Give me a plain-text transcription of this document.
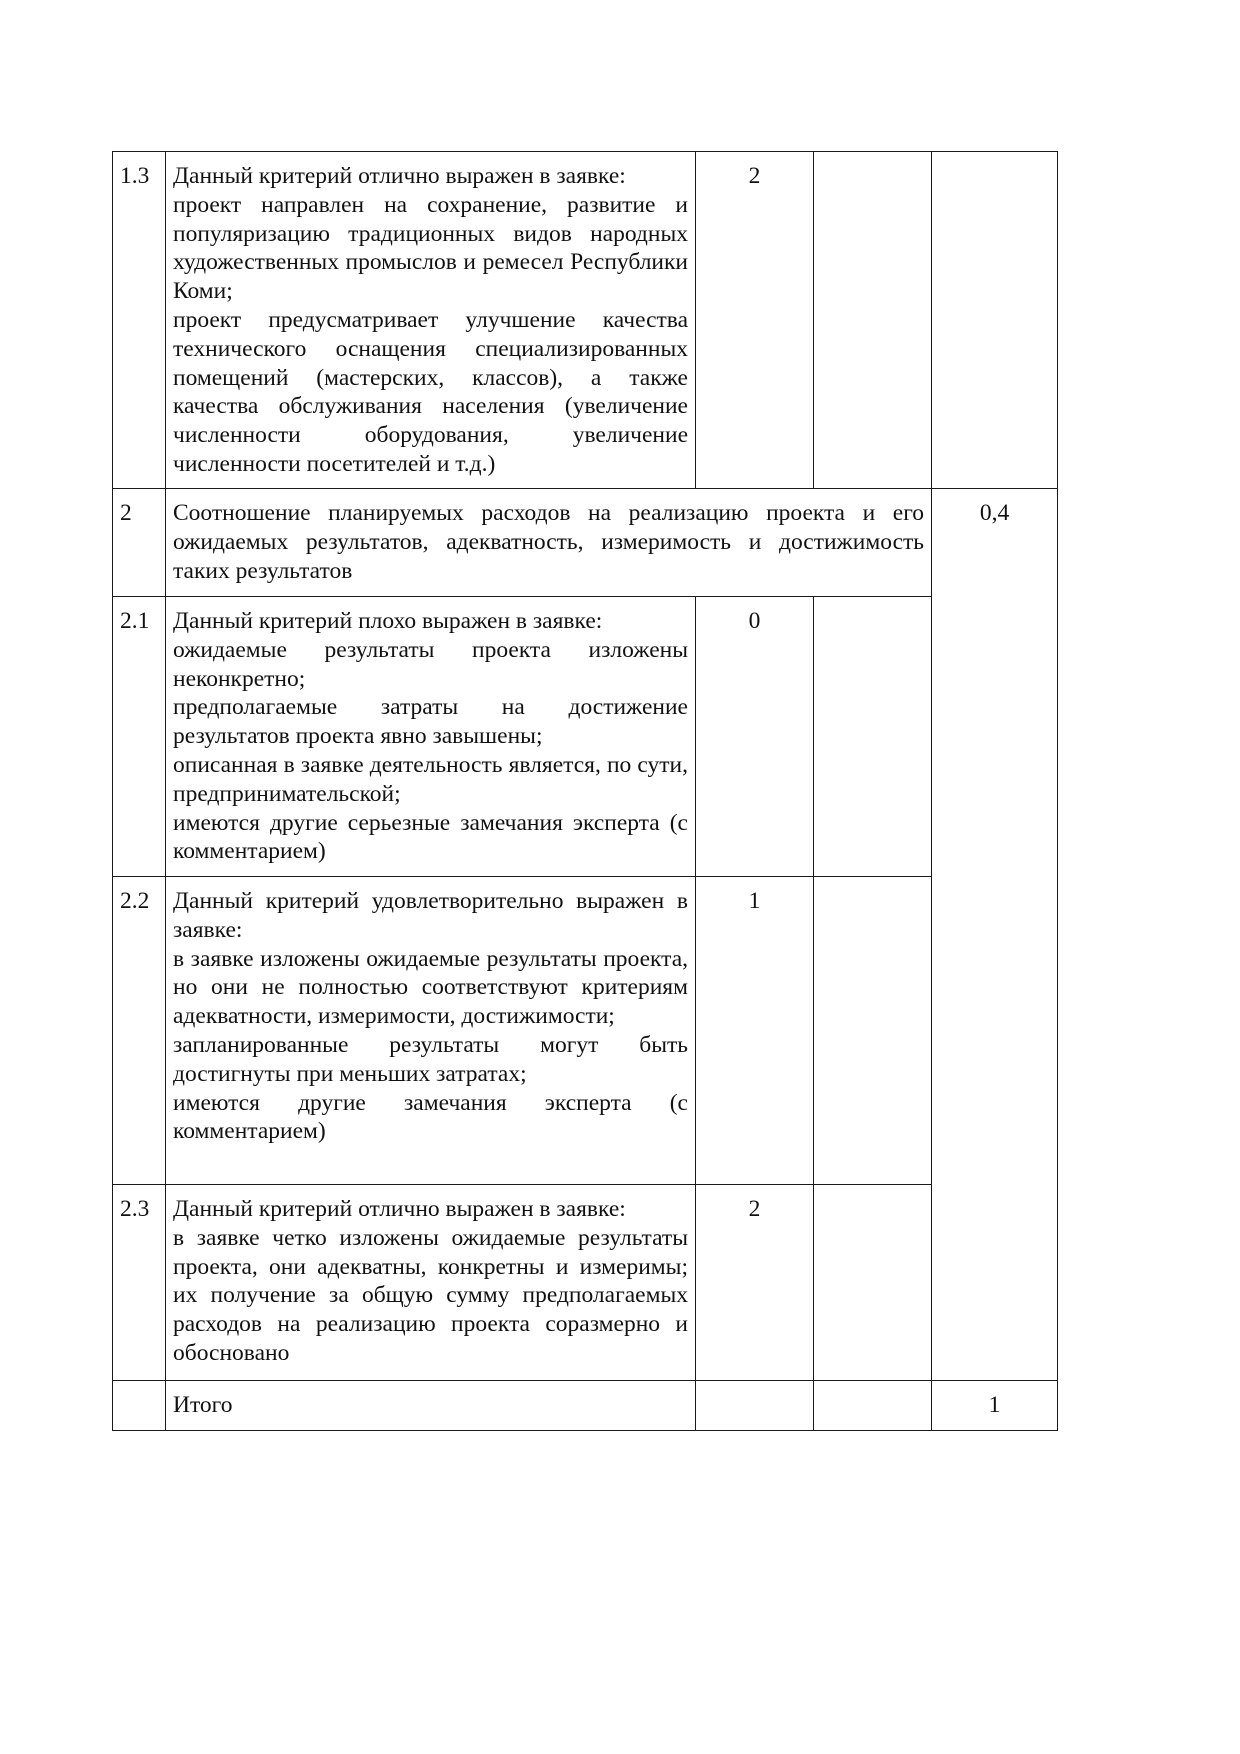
1.3	Данный критерий отлично выражен в заявке:
проект направлен на сохранение, развитие и популяризацию традиционных видов народных художественных промыслов и ремесел Республики Коми;
проект предусматривает улучшение качества технического оснащения специализированных помещений (мастерских, классов), а также качества обслуживания населения (увеличение численности оборудования, увеличение численности посетителей и т.д.)	2		
2	Соотношение планируемых расходов на реализацию проекта и его ожидаемых результатов, адекватность, измеримость и достижимость таких результатов			0,4
2.1	Данный критерий плохо выражен в заявке:
ожидаемые результаты проекта изложены неконкретно;
предполагаемые затраты на достижение результатов проекта явно завышены;
описанная в заявке деятельность является, по сути, предпринимательской;
имеются другие серьезные замечания эксперта (с комментарием)	0		
2.2	Данный критерий удовлетворительно выражен в заявке:
в заявке изложены ожидаемые результаты проекта, но они не полностью соответствуют критериям адекватности, измеримости, достижимости;
запланированные результаты могут быть достигнуты при меньших затратах;
имеются другие замечания эксперта (с комментарием)	1		
2.3	Данный критерий отлично выражен в заявке:
в заявке четко изложены ожидаемые результаты проекта, они адекватны, конкретны и измеримы; их получение за общую сумму предполагаемых расходов на реализацию проекта соразмерно и обосновано	2		
	Итого			1
